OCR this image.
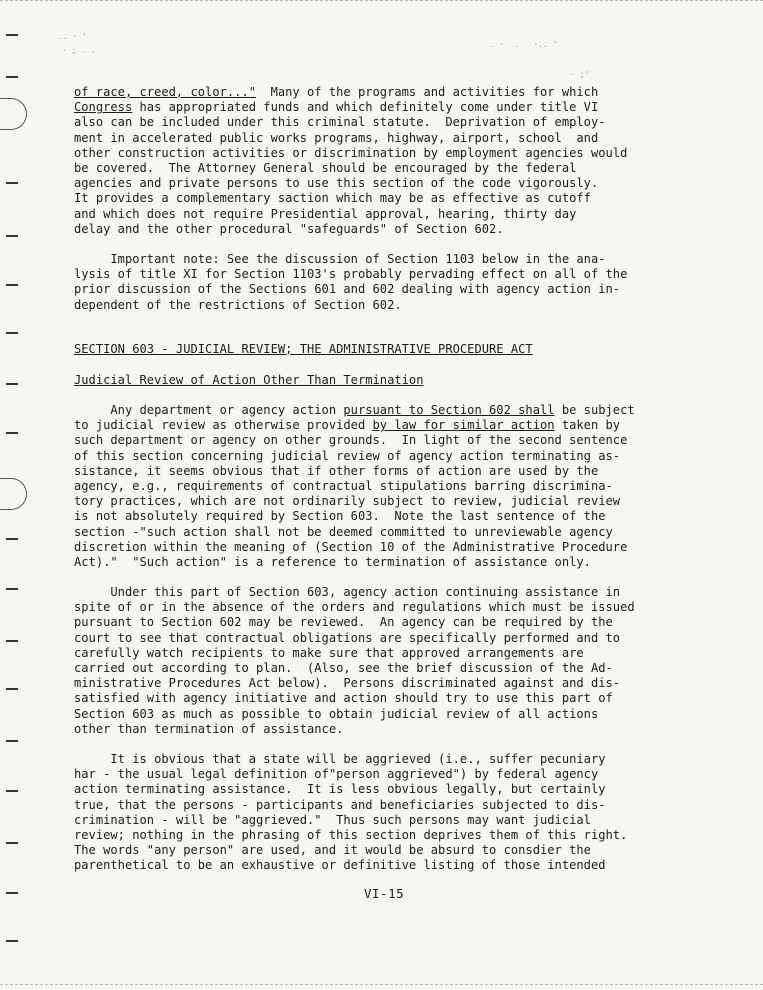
.. · '
· ; . .
. ·  .   ·.. '
· ;'
of race, creed, color..."  Many of the programs and activities for which
Congress has appropriated funds and which definitely come under title VI
also can be included under this criminal statute.  Deprivation of employ-
ment in accelerated public works programs, highway, airport, school  and
other construction activities or discrimination by employment agencies would
be covered.  The Attorney General should be encouraged by the federal
agencies and private persons to use this section of the code vigorously.
It provides a complementary saction which may be as effective as cutoff
and which does not require Presidential approval, hearing, thirty day
delay and the other procedural "safeguards" of Section 602.
Important note: See the discussion of Section 1103 below in the ana-
lysis of title XI for Section 1103's probably pervading effect on all of the
prior discussion of the Sections 601 and 602 dealing with agency action in-
dependent of the restrictions of Section 602.
SECTION 603 - JUDICIAL REVIEW; THE ADMINISTRATIVE PROCEDURE ACT
Judicial Review of Action Other Than Termination
Any department or agency action pursuant to Section 602 shall be subject
to judicial review as otherwise provided by law for similar action taken by
such department or agency on other grounds.  In light of the second sentence
of this section concerning judicial review of agency action terminating as-
sistance, it seems obvious that if other forms of action are used by the
agency, e.g., requirements of contractual stipulations barring discrimina-
tory practices, which are not ordinarily subject to review, judicial review
is not absolutely required by Section 603.  Note the last sentence of the
section -"such action shall not be deemed committed to unreviewable agency
discretion within the meaning of (Section 10 of the Administrative Procedure
Act)."  "Such action" is a reference to termination of assistance only.
Under this part of Section 603, agency action continuing assistance in
spite of or in the absence of the orders and regulations which must be issued
pursuant to Section 602 may be reviewed.  An agency can be required by the
court to see that contractual obligations are specifically performed and to
carefully watch recipients to make sure that approved arrangements are
carried out according to plan.  (Also, see the brief discussion of the Ad-
ministrative Procedures Act below).  Persons discriminated against and dis-
satisfied with agency initiative and action should try to use this part of
Section 603 as much as possible to obtain judicial review of all actions
other than termination of assistance.
It is obvious that a state will be aggrieved (i.e., suffer pecuniary
har - the usual legal definition of"person aggrieved") by federal agency
action terminating assistance.  It is less obvious legally, but certainly
true, that the persons - participants and beneficiaries subjected to dis-
crimination - will be "aggrieved."  Thus such persons may want judicial
review; nothing in the phrasing of this section deprives them of this right.
The words "any person" are used, and it would be absurd to consdier the
parenthetical to be an exhaustive or definitive listing of those intended
VI-15
